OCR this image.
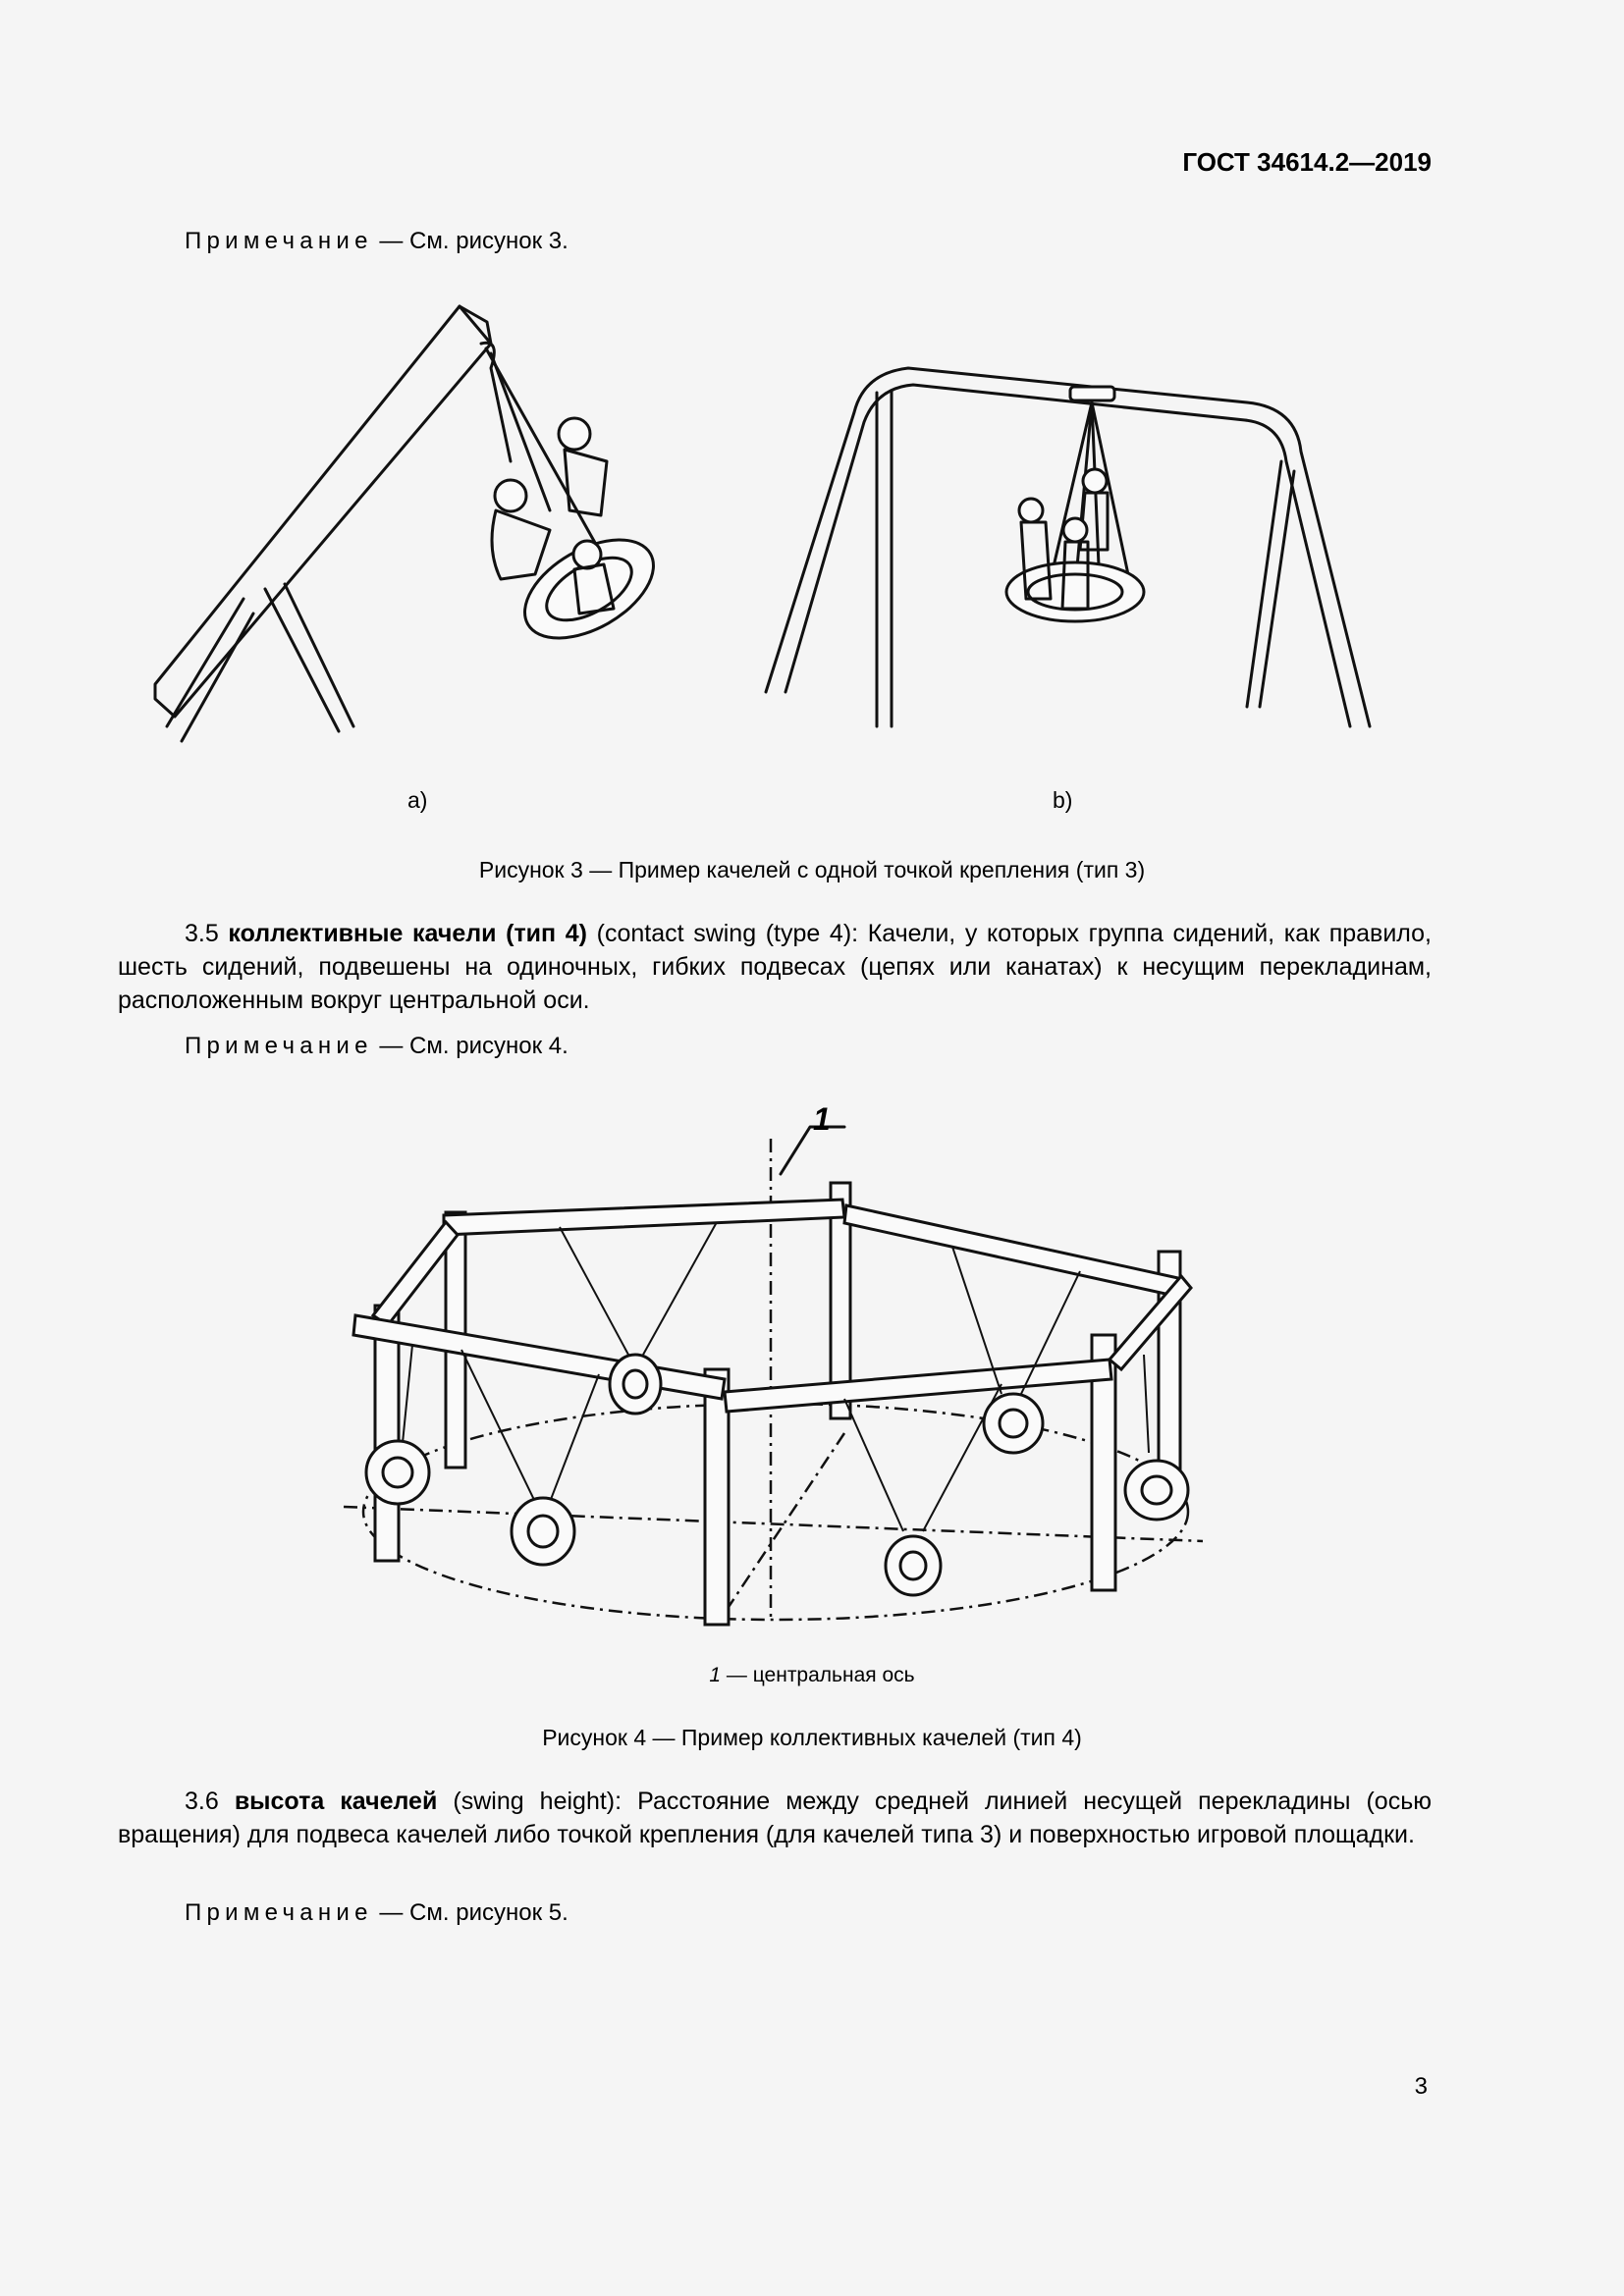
ГОСТ 34614.2—2019
Примечание — См. рисунок 3.
a)	b)
Рисунок 3 — Пример качелей с одной точкой крепления (тип 3)
3.5 коллективные качели (тип 4) (contact swing (type 4): Качели, у которых группа сидений, как правило, шесть сидений, подвешены на одиночных, гибких подвесах (цепях или канатах) к несущим перекладинам, расположенным вокруг центральной оси.
Примечание — См. рисунок 4.
1
1 — центральная ось
Рисунок 4 — Пример коллективных качелей (тип 4)
3.6 высота качелей (swing height): Расстояние между средней линией несущей перекладины (осью вращения) для подвеса качелей либо точкой крепления (для качелей типа 3) и поверхностью игровой площадки.
Примечание — См. рисунок 5.
3
